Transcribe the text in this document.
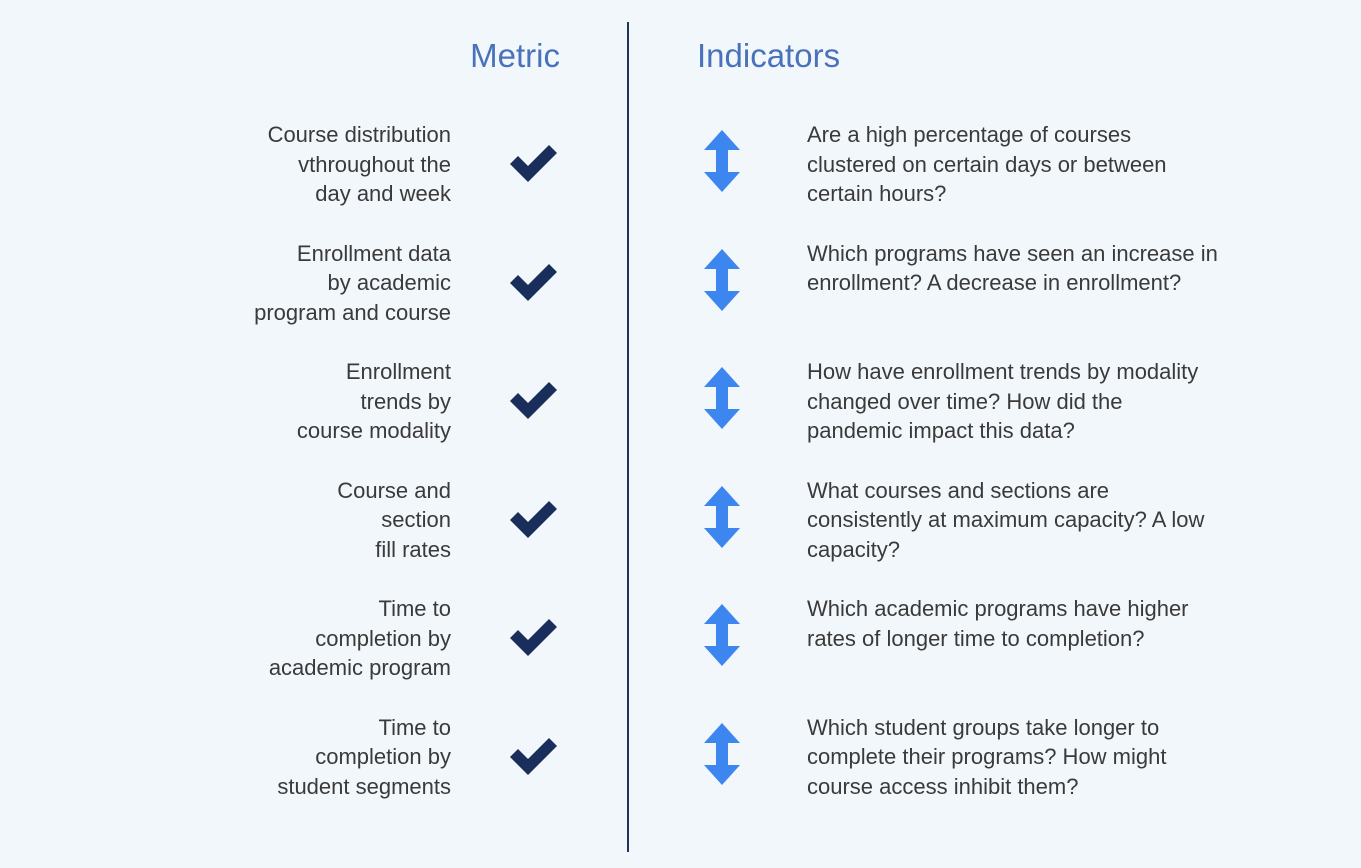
Metric	Indicators
Course distribution
vthroughout the
day and week
Are a high percentage of courses
clustered on certain days or between
certain hours?
Enrollment data
by academic
program and course
Which programs have seen an increase in
enrollment? A decrease in enrollment?
Enrollment
trends by
course modality
How have enrollment trends by modality
changed over time? How did the
pandemic impact this data?
Course and
section
fill rates
What courses and sections are
consistently at maximum capacity? A low
capacity?
Time to
completion by
academic program
Which academic programs have higher
rates of longer time to completion?
Time to
completion by
student segments
Which student groups take longer to
complete their programs? How might
course access inhibit them?
